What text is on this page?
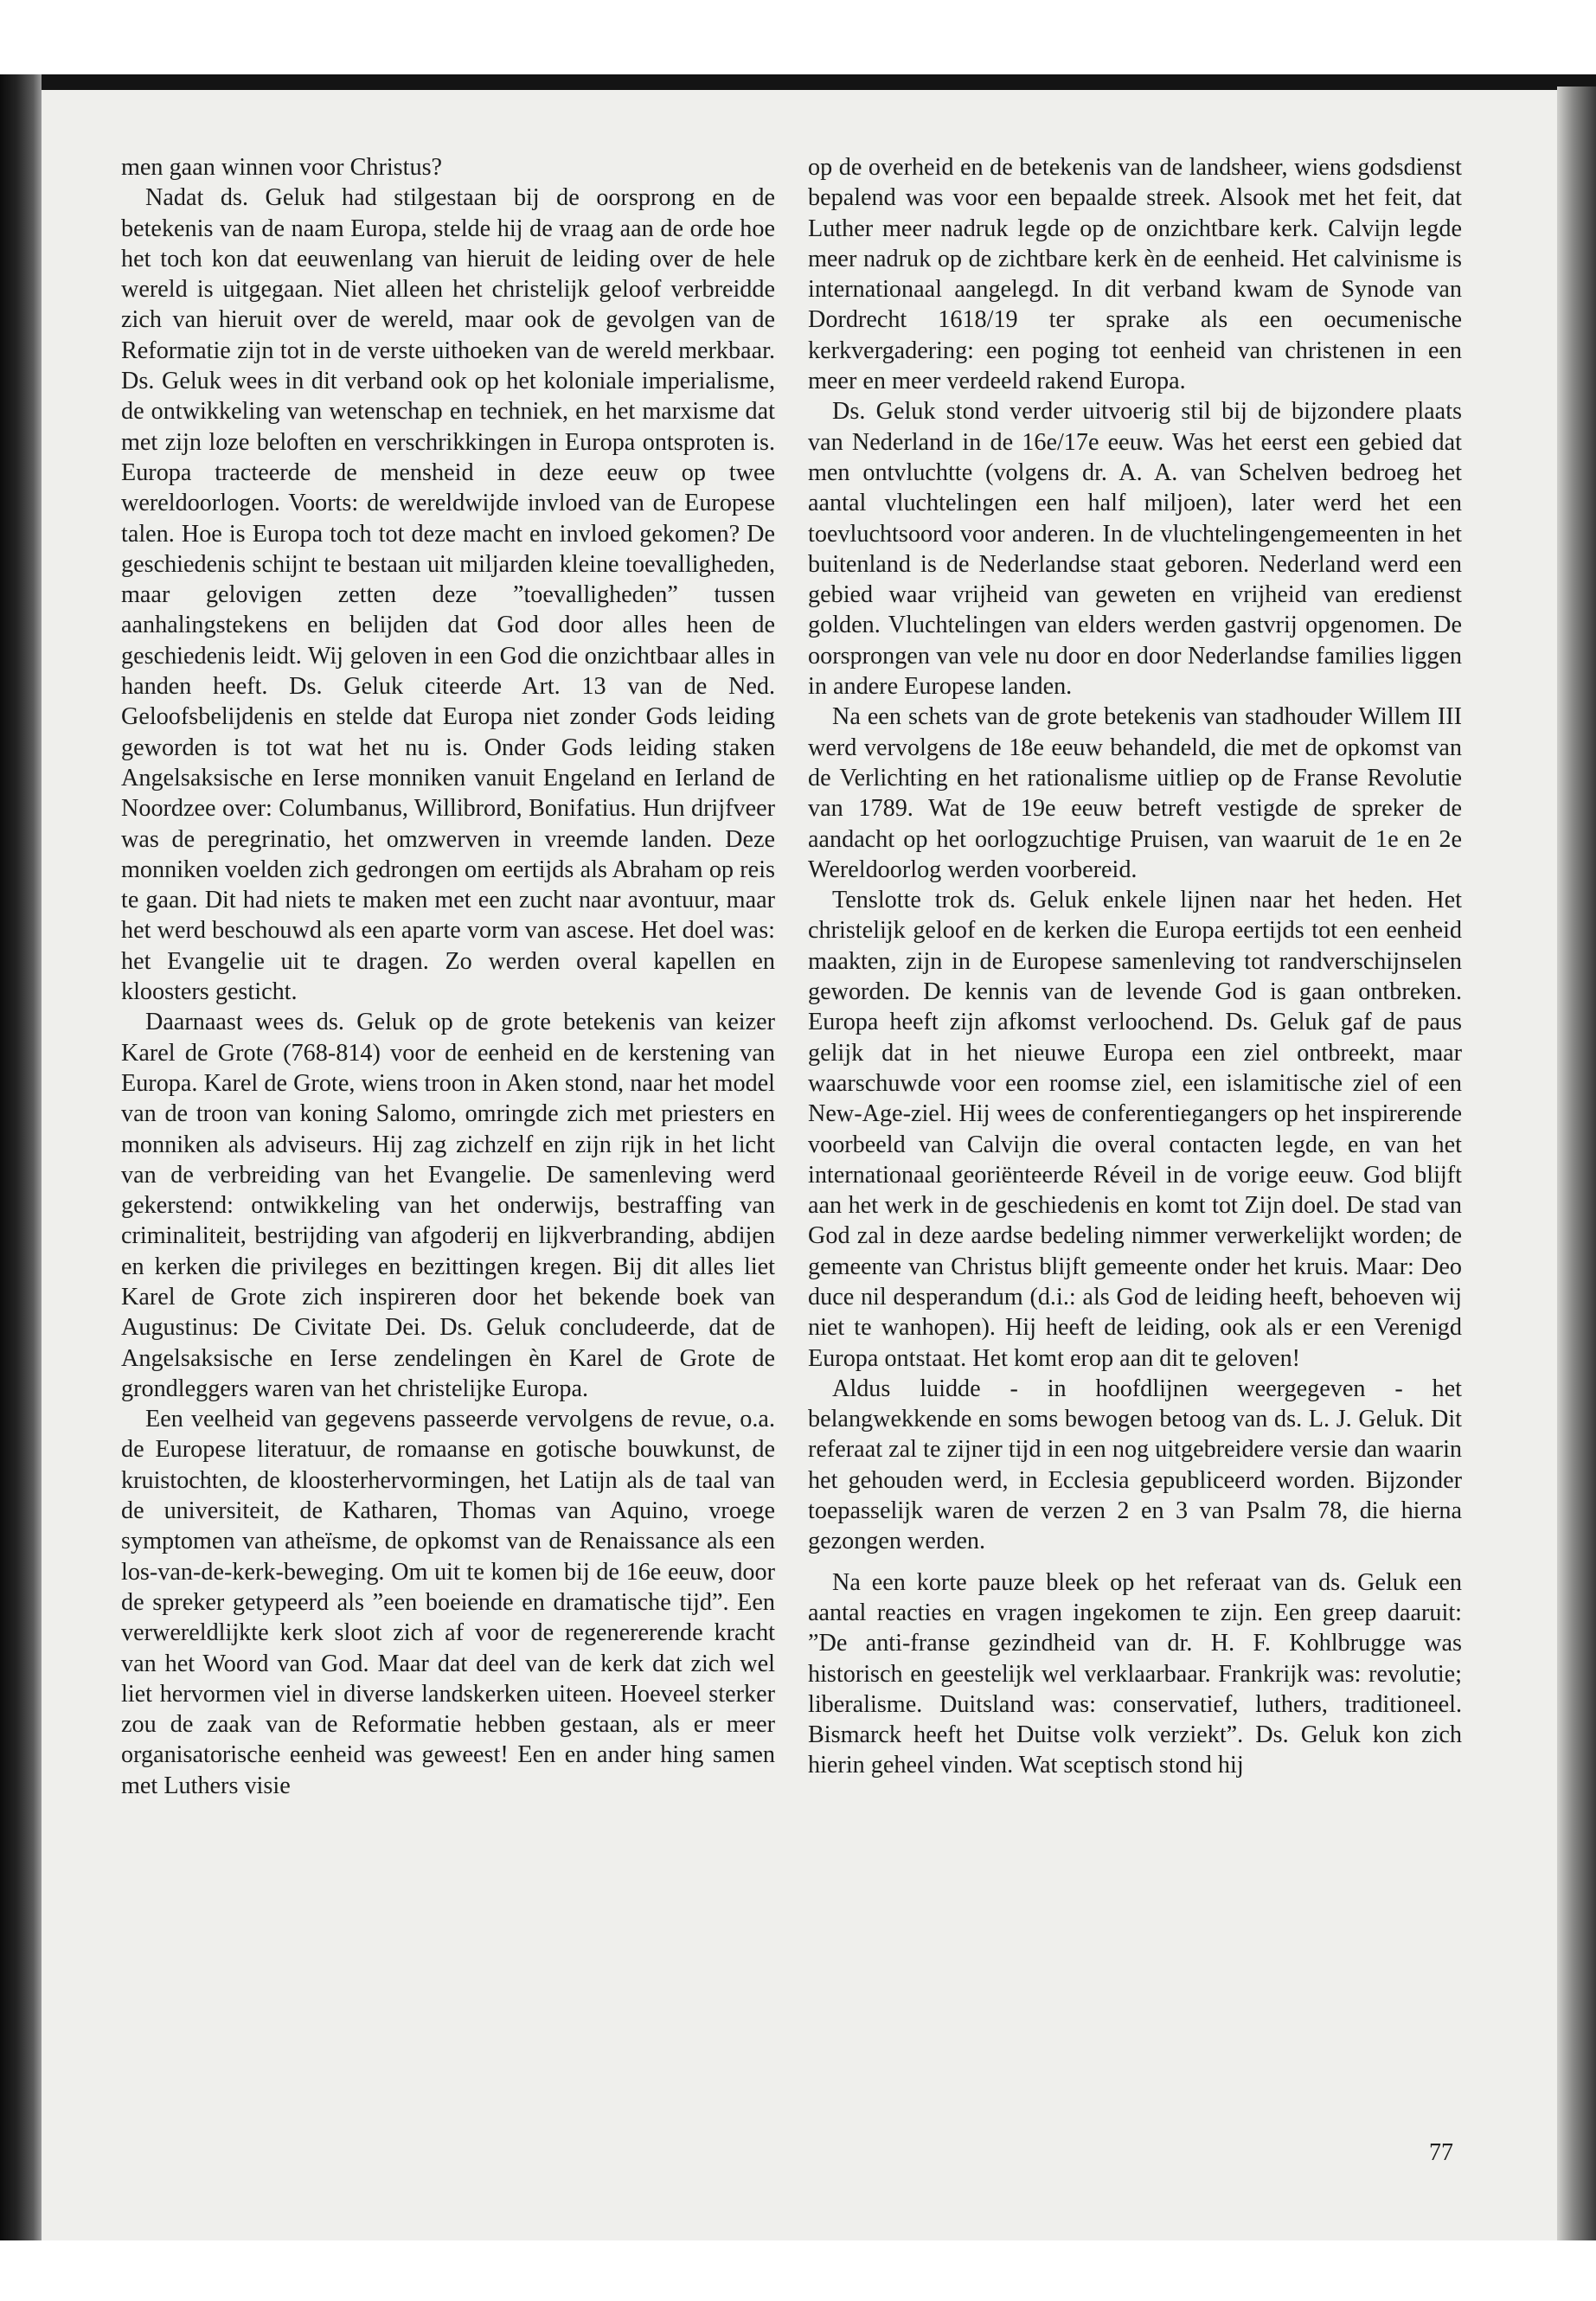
men gaan winnen voor Christus?

Nadat ds. Geluk had stilgestaan bij de oorsprong en de betekenis van de naam Europa, stelde hij de vraag aan de orde hoe het toch kon dat eeuwenlang van hieruit de leiding over de hele wereld is uitgegaan. Niet alleen het christelijk geloof verbreidde zich van hieruit over de wereld, maar ook de gevolgen van de Reformatie zijn tot in de verste uithoeken van de wereld merkbaar. Ds. Geluk wees in dit verband ook op het koloniale imperialisme, de ontwikkeling van wetenschap en techniek, en het marxisme dat met zijn loze beloften en verschrikkingen in Europa ontsproten is. Europa tracteerde de mensheid in deze eeuw op twee wereldoorlogen. Voorts: de wereldwijde invloed van de Europese talen. Hoe is Europa toch tot deze macht en invloed gekomen? De geschiedenis schijnt te bestaan uit miljarden kleine toevalligheden, maar gelovigen zetten deze ”toevalligheden” tussen aanhalingstekens en belijden dat God door alles heen de geschiedenis leidt. Wij geloven in een God die onzichtbaar alles in handen heeft. Ds. Geluk citeerde Art. 13 van de Ned. Geloofsbelijdenis en stelde dat Europa niet zonder Gods leiding geworden is tot wat het nu is. Onder Gods leiding staken Angelsaksische en Ierse monniken vanuit Engeland en Ierland de Noordzee over: Columbanus, Willibrord, Bonifatius. Hun drijfveer was de peregrinatio, het omzwerven in vreemde landen. Deze monniken voelden zich gedrongen om eertijds als Abraham op reis te gaan. Dit had niets te maken met een zucht naar avontuur, maar het werd beschouwd als een aparte vorm van ascese. Het doel was: het Evangelie uit te dragen. Zo werden overal kapellen en kloosters gesticht.

Daarnaast wees ds. Geluk op de grote betekenis van keizer Karel de Grote (768-814) voor de eenheid en de kerstening van Europa. Karel de Grote, wiens troon in Aken stond, naar het model van de troon van koning Salomo, omringde zich met priesters en monniken als adviseurs. Hij zag zichzelf en zijn rijk in het licht van de verbreiding van het Evangelie. De samenleving werd gekerstend: ontwikkeling van het onderwijs, bestraffing van criminaliteit, bestrijding van afgoderij en lijkverbranding, abdijen en kerken die privileges en bezittingen kregen. Bij dit alles liet Karel de Grote zich inspireren door het bekende boek van Augustinus: De Civitate Dei. Ds. Geluk concludeerde, dat de Angelsaksische en Ierse zendelingen èn Karel de Grote de grondleggers waren van het christelijke Europa.

Een veelheid van gegevens passeerde vervolgens de revue, o.a. de Europese literatuur, de romaanse en gotische bouwkunst, de kruistochten, de kloosterhervormingen, het Latijn als de taal van de universiteit, de Katharen, Thomas van Aquino, vroege symptomen van atheïsme, de opkomst van de Renaissance als een los-van-de-kerk-beweging. Om uit te komen bij de 16e eeuw, door de spreker getypeerd als ”een boeiende en dramatische tijd”. Een verwereldlijkte kerk sloot zich af voor de regenererende kracht van het Woord van God. Maar dat deel van de kerk dat zich wel liet hervormen viel in diverse landskerken uiteen. Hoeveel sterker zou de zaak van de Reformatie hebben gestaan, als er meer organisatorische eenheid was geweest! Een en ander hing samen met Luthers visie

op de overheid en de betekenis van de landsheer, wiens godsdienst bepalend was voor een bepaalde streek. Alsook met het feit, dat Luther meer nadruk legde op de onzichtbare kerk. Calvijn legde meer nadruk op de zichtbare kerk èn de eenheid. Het calvinisme is internationaal aangelegd. In dit verband kwam de Synode van Dordrecht 1618/19 ter sprake als een oecumenische kerkvergadering: een poging tot eenheid van christenen in een meer en meer verdeeld rakend Europa.

Ds. Geluk stond verder uitvoerig stil bij de bijzondere plaats van Nederland in de 16e/17e eeuw. Was het eerst een gebied dat men ontvluchtte (volgens dr. A. A. van Schelven bedroeg het aantal vluchtelingen een half miljoen), later werd het een toevluchtsoord voor anderen. In de vluchtelingengemeenten in het buitenland is de Nederlandse staat geboren. Nederland werd een gebied waar vrijheid van geweten en vrijheid van eredienst golden. Vluchtelingen van elders werden gastvrij opgenomen. De oorsprongen van vele nu door en door Nederlandse families liggen in andere Europese landen.

Na een schets van de grote betekenis van stadhouder Willem III werd vervolgens de 18e eeuw behandeld, die met de opkomst van de Verlichting en het rationalisme uitliep op de Franse Revolutie van 1789. Wat de 19e eeuw betreft vestigde de spreker de aandacht op het oorlogzuchtige Pruisen, van waaruit de 1e en 2e Wereldoorlog werden voorbereid.

Tenslotte trok ds. Geluk enkele lijnen naar het heden. Het christelijk geloof en de kerken die Europa eertijds tot een eenheid maakten, zijn in de Europese samenleving tot randverschijnselen geworden. De kennis van de levende God is gaan ontbreken. Europa heeft zijn afkomst verloochend. Ds. Geluk gaf de paus gelijk dat in het nieuwe Europa een ziel ontbreekt, maar waarschuwde voor een roomse ziel, een islamitische ziel of een New-Age-ziel. Hij wees de conferentiegangers op het inspirerende voorbeeld van Calvijn die overal contacten legde, en van het internationaal georiënteerde Réveil in de vorige eeuw. God blijft aan het werk in de geschiedenis en komt tot Zijn doel. De stad van God zal in deze aardse bedeling nimmer verwerkelijkt worden; de gemeente van Christus blijft gemeente onder het kruis. Maar: Deo duce nil desperandum (d.i.: als God de leiding heeft, behoeven wij niet te wanhopen). Hij heeft de leiding, ook als er een Verenigd Europa ontstaat. Het komt erop aan dit te geloven!

Aldus luidde - in hoofdlijnen weergegeven - het belangwekkende en soms bewogen betoog van ds. L. J. Geluk. Dit referaat zal te zijner tijd in een nog uitgebreidere versie dan waarin het gehouden werd, in Ecclesia gepubliceerd worden. Bijzonder toepasselijk waren de verzen 2 en 3 van Psalm 78, die hierna gezongen werden.

Na een korte pauze bleek op het referaat van ds. Geluk een aantal reacties en vragen ingekomen te zijn. Een greep daaruit: ”De anti-franse gezindheid van dr. H. F. Kohlbrugge was historisch en geestelijk wel verklaarbaar. Frankrijk was: revolutie; liberalisme. Duitsland was: conservatief, luthers, traditioneel. Bismarck heeft het Duitse volk verziekt”. Ds. Geluk kon zich hierin geheel vinden. Wat sceptisch stond hij

77
